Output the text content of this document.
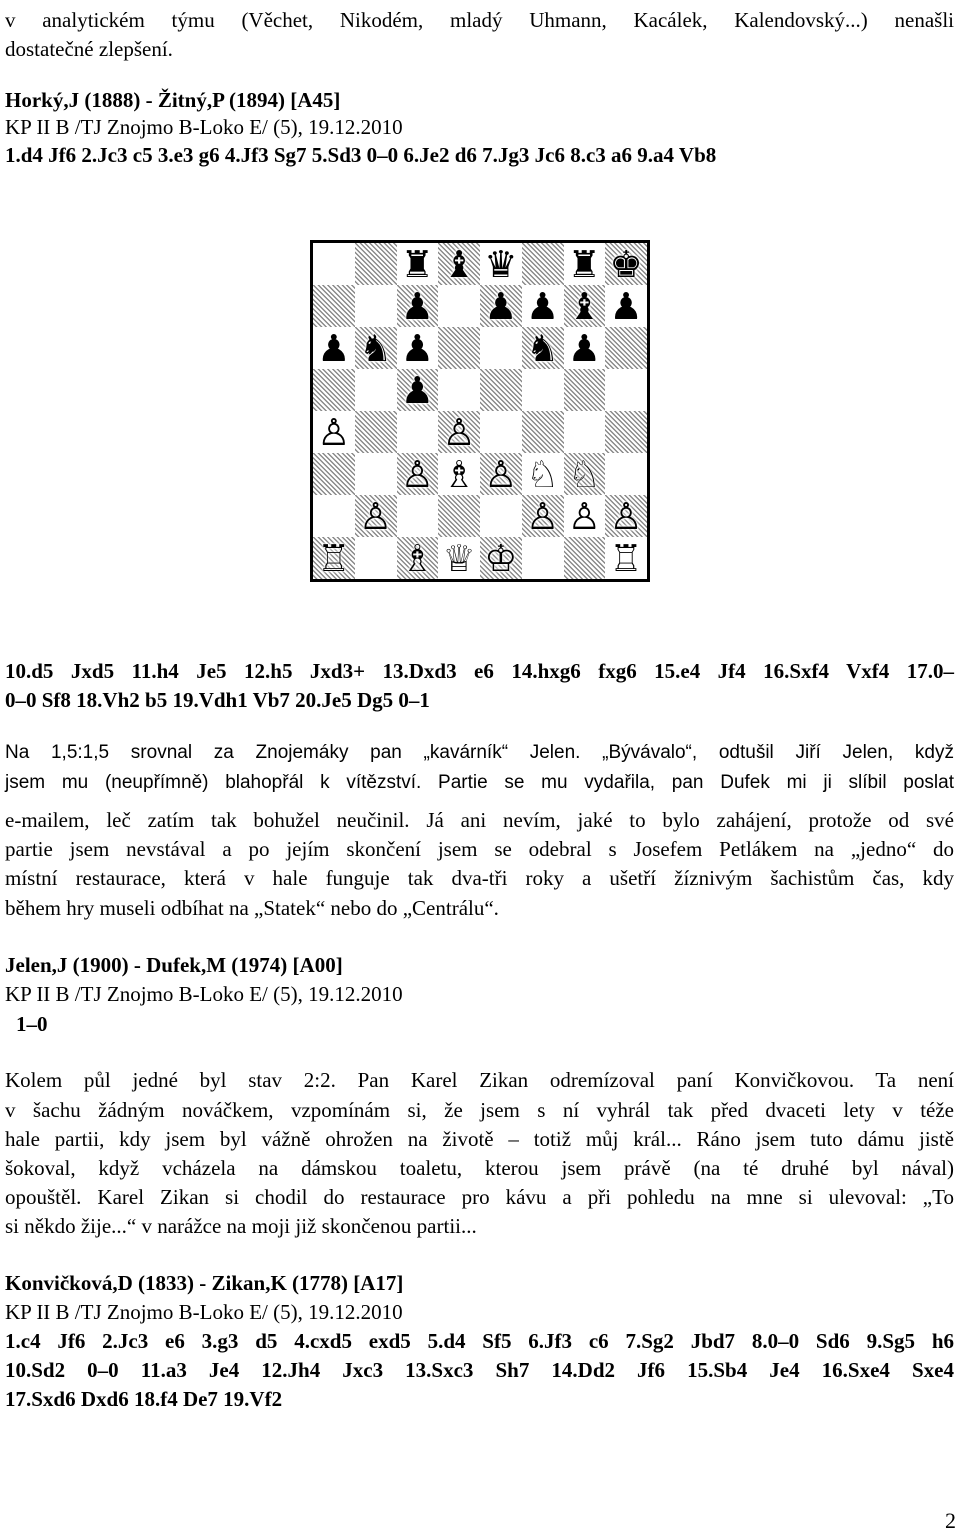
v analytickém týmu (Věchet, Nikodém, mladý Uhmann, Kacálek, Kalendovský...) nenašli
dostatečné zlepšení.
Horký,J (1888) - Žitný,P (1894) [A45]
KP II B /TJ Znojmo B-Loko E/ (5), 19.12.2010
1.d4 Jf6 2.Jc3 c5 3.e3 g6 4.Jf3 Sg7 5.Sd3 0–0 6.Je2 d6 7.Jg3 Jc6 8.c3 a6 9.a4 Vb8
♜ ♝ ♛ ♜ ♚
♟ ♟ ♟ ♝ ♟
♟ ♞ ♟ ♞ ♟
♟
♙ ♙
♙ ♗ ♙ ♘ ♘
♙	♙ ♙ ♙
♖ ♗ ♕ ♔ ♖
10.d5 Jxd5 11.h4 Je5 12.h5 Jxd3+ 13.Dxd3 e6 14.hxg6 fxg6 15.e4 Jf4 16.Sxf4 Vxf4 17.0–
0–0 Sf8 18.Vh2 b5 19.Vdh1 Vb7 20.Je5 Dg5 0–1
Na 1,5:1,5 srovnal za Znojemáky pan „kavárník“ Jelen. „Bývávalo“, odtušil Jiří Jelen, když
jsem mu (neupřímně) blahopřál k vítězství. Partie se mu vydařila, pan Dufek mi ji slíbil poslat
e-mailem, leč zatím tak bohužel neučinil. Já ani nevím, jaké to bylo zahájení, protože od své
partie jsem nevstával a po jejím skončení jsem se odebral s Josefem Petlákem na „jedno“ do
místní restaurace, která v hale funguje tak dva-tři roky a ušetří žíznivým šachistům čas, kdy
během hry museli odbíhat na „Statek“ nebo do „Centrálu“.
Jelen,J (1900) - Dufek,M (1974) [A00]
KP II B /TJ Znojmo B-Loko E/ (5), 19.12.2010
1–0
Kolem půl jedné byl stav 2:2. Pan Karel Zikan odremízoval paní Konvičkovou. Ta není
v šachu žádným nováčkem, vzpomínám si, že jsem s ní vyhrál tak před dvaceti lety v téže
hale partii, kdy jsem byl vážně ohrožen na životě – totiž můj král... Ráno jsem tuto dámu jistě
šokoval, když vcházela na dámskou toaletu, kterou jsem právě (na té druhé byl nával)
opouštěl. Karel Zikan si chodil do restaurace pro kávu a při pohledu na mne si ulevoval: „To
si někdo žije...“ v narážce na moji již skončenou partii...
Konvičková,D (1833) - Zikan,K (1778) [A17]
KP II B /TJ Znojmo B-Loko E/ (5), 19.12.2010
1.c4 Jf6 2.Jc3 e6 3.g3 d5 4.cxd5 exd5 5.d4 Sf5 6.Jf3 c6 7.Sg2 Jbd7 8.0–0 Sd6 9.Sg5 h6
10.Sd2 0–0 11.a3 Je4 12.Jh4 Jxc3 13.Sxc3 Sh7 14.Dd2 Jf6 15.Sb4 Je4 16.Sxe4 Sxe4
17.Sxd6 Dxd6 18.f4 De7 19.Vf2
2
